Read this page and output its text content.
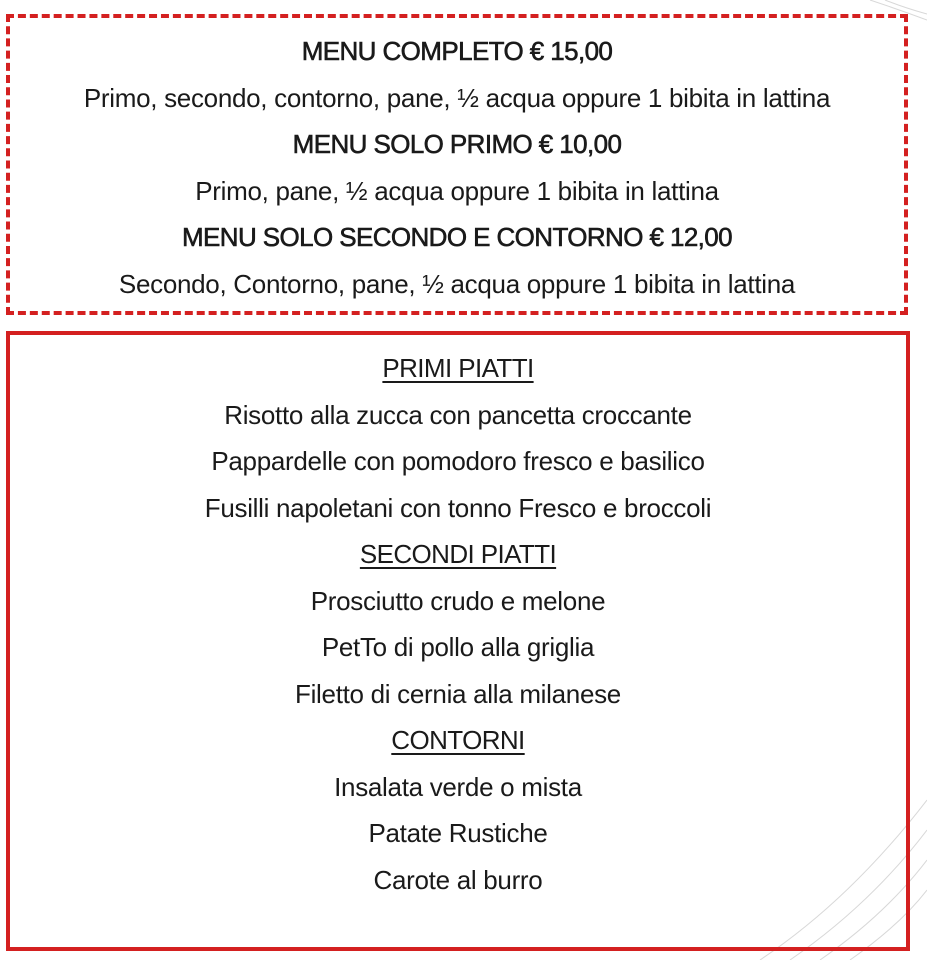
MENU COMPLETO € 15,00
Primo, secondo, contorno, pane, ½ acqua oppure 1 bibita in lattina
MENU SOLO PRIMO € 10,00
Primo, pane, ½ acqua oppure 1 bibita in lattina
MENU SOLO SECONDO E CONTORNO € 12,00
Secondo, Contorno, pane, ½ acqua oppure 1 bibita in lattina
PRIMI PIATTI
Risotto alla zucca con pancetta croccante
Pappardelle con pomodoro fresco e basilico
Fusilli napoletani con tonno Fresco e broccoli
SECONDI PIATTI
Prosciutto crudo e melone
PetTo di pollo alla griglia
Filetto di cernia alla milanese
CONTORNI
Insalata verde o mista
Patate Rustiche
Carote al burro
